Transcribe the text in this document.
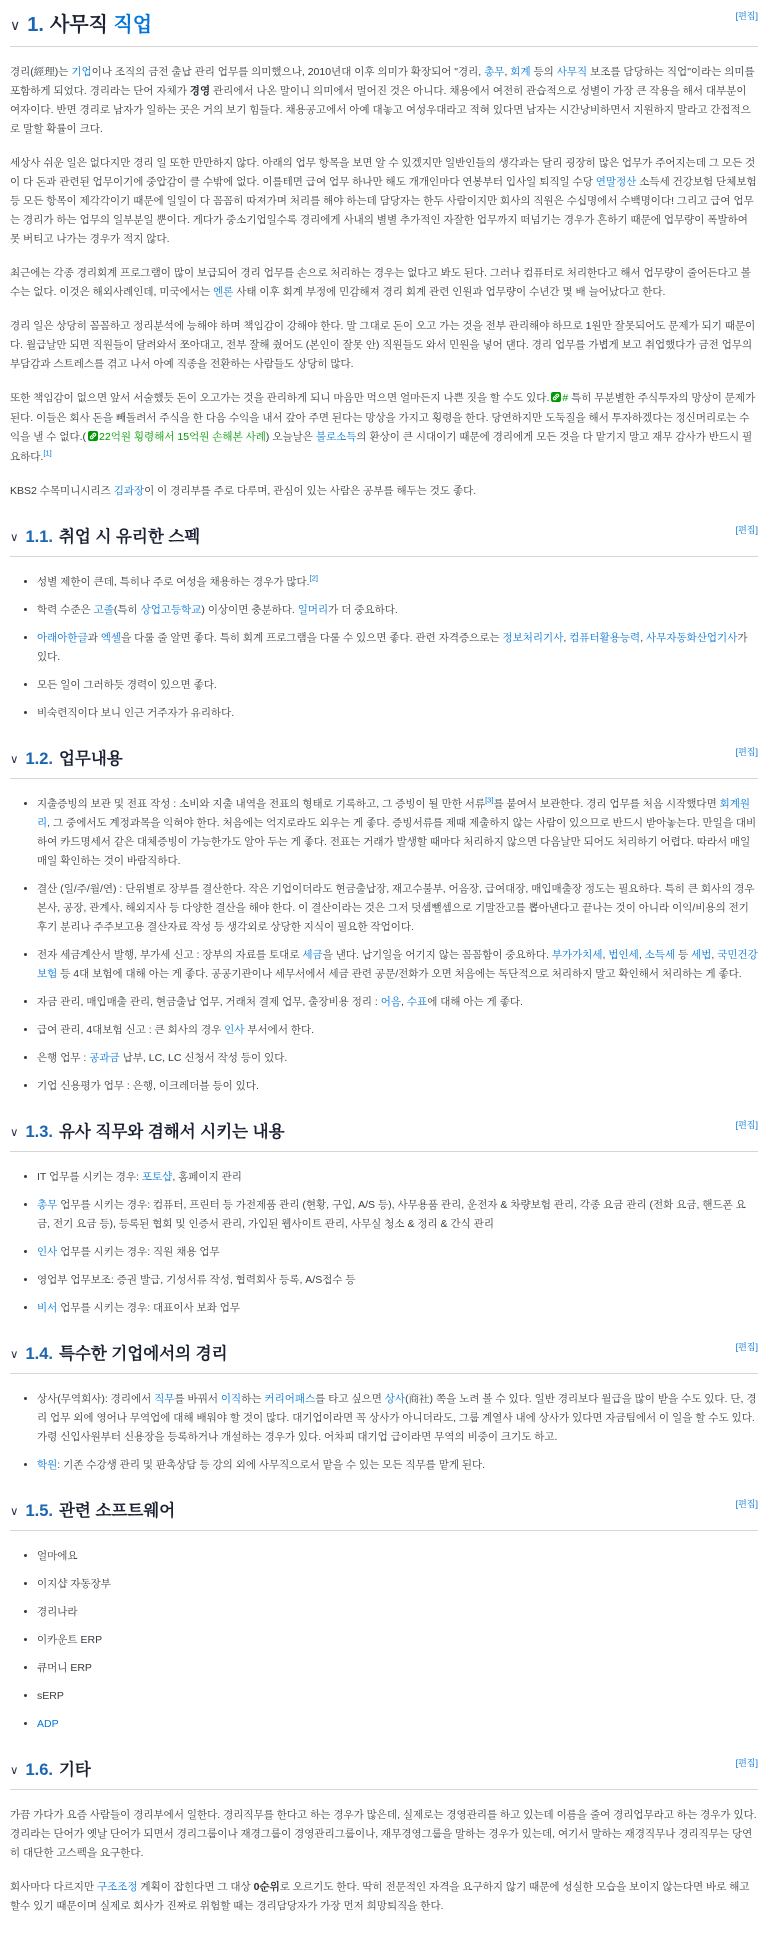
∨ 1. 사무직 직업	[편집]

경리(經理)는 기업이나 조직의 금전 출납 관리 업무를 의미했으나, 2010년대 이후 의미가 확장되어 "경리, 총무, 회계 등의 사무직 보조를 담당하는 직업"이라는 의미를 포함하게 되었다. 경리라는 단어 자체가 경영 관리에서 나온 말이니 의미에서 멀어진 것은 아니다. 채용에서 여전히 관습적으로 성별이 가장 큰 작용을 해서 대부분이 여자이다. 반면 경리로 남자가 일하는 곳은 거의 보기 힘들다. 채용공고에서 아예 대놓고 여성우대라고 적혀 있다면 남자는 시간낭비하면서 지원하지 말라고 간접적으로 말할 확률이 크다.

세상사 쉬운 일은 없다지만 경리 일 또한 만만하지 않다. 아래의 업무 항목을 보면 알 수 있겠지만 일반인들의 생각과는 달리 굉장히 많은 업무가 주어지는데 그 모든 것이 다 돈과 관련된 업무이기에 중압감이 클 수밖에 없다. 이를테면 급여 업무 하나만 해도 개개인마다 연봉부터 입사일 퇴직일 수당 연말정산 소득세 건강보험 단체보험 등 모든 항목이 제각각이기 때문에 일일이 다 꼼꼼히 따져가며 처리를 해야 하는데 담당자는 한두 사람이지만 회사의 직원은 수십명에서 수백명이다! 그리고 급여 업무는 경리가 하는 업무의 일부분일 뿐이다. 게다가 중소기업일수록 경리에게 사내의 별별 추가적인 자잘한 업무까지 떠넘기는 경우가 흔하기 때문에 업무량이 폭발하여 못 버티고 나가는 경우가 적지 않다.

최근에는 각종 경리회계 프로그램이 많이 보급되어 경리 업무를 손으로 처리하는 경우는 없다고 봐도 된다. 그러나 컴퓨터로 처리한다고 해서 업무량이 줄어든다고 볼 수는 없다. 이것은 해외사례인데, 미국에서는 엔론 사태 이후 회계 부정에 민감해져 경리 회계 관련 인원과 업무량이 수년간 몇 배 늘어났다고 한다.

경리 일은 상당히 꼼꼼하고 정리분석에 능해야 하며 책임감이 강해야 한다. 말 그대로 돈이 오고 가는 것을 전부 관리해야 하므로 1원만 잘못되어도 문제가 되기 때문이다. 월급날만 되면 직원들이 달려와서 쪼아대고, 전부 잘해 줬어도 (본인이 잘못 안) 직원들도 와서 민원을 넣어 댄다. 경리 업무를 가볍게 보고 취업했다가 금전 업무의 부담감과 스트레스를 겪고 나서 아예 직종을 전환하는 사람들도 상당히 많다.

또한 책임감이 없으면 앞서 서술했듯 돈이 오고가는 것을 관리하게 되니 마음만 먹으면 얼마든지 나쁜 짓을 할 수도 있다. # 특히 무분별한 주식투자의 망상이 문제가 된다. 이들은 회사 돈을 빼돌려서 주식을 한 다음 수익을 내서 갚아 주면 된다는 망상을 가지고 횡령을 한다. 당연하지만 도둑질을 해서 투자하겠다는 정신머리로는 수익을 낼 수 없다.( 22억원 횡령해서 15억원 손해본 사례) 오늘날은 불로소득의 환상이 큰 시대이기 때문에 경리에게 모든 것을 다 맡기지 말고 재무 감사가 반드시 필요하다.[1]

KBS2 수목미니시리즈 김과장이 이 경리부를 주로 다루며, 관심이 있는 사람은 공부를 해두는 것도 좋다.

∨ 1.1. 취업 시 유리한 스펙	[편집]
• 성별 제한이 큰데, 특히나 주로 여성을 채용하는 경우가 많다.[2]
• 학력 수준은 고졸(특히 상업고등학교) 이상이면 충분하다. 일머리가 더 중요하다.
• 아래아한글과 엑셀을 다룰 줄 알면 좋다. 특히 회계 프로그램을 다룰 수 있으면 좋다. 관련 자격증으로는 정보처리기사, 컴퓨터활용능력, 사무자동화산업기사가 있다.
• 모든 일이 그러하듯 경력이 있으면 좋다.
• 비숙련직이다 보니 인근 거주자가 유리하다.
∨ 1.2. 업무내용	[편집]
• 지출증빙의 보관 및 전표 작성 : 소비와 지출 내역을 전표의 형태로 기록하고, 그 증빙이 될 만한 서류[3]를 붙여서 보관한다. 경리 업무를 처음 시작했다면 회계원리, 그 중에서도 계정과목을 익혀야 한다. 처음에는 억지로라도 외우는 게 좋다. 증빙서류를 제때 제출하지 않는 사람이 있으므로 반드시 받아놓는다. 만일을 대비하여 카드명세서 같은 대체증빙이 가능한가도 알아 두는 게 좋다. 전표는 거래가 발생할 때마다 처리하지 않으면 다음날만 되어도 처리하기 어렵다. 따라서 매일매일 확인하는 것이 바람직하다.
• 결산 (일/주/월/연) : 단위별로 장부를 결산한다. 작은 기업이더라도 현금출납장, 재고수불부, 어음장, 급여대장, 매입매출장 정도는 필요하다. 특히 큰 회사의 경우 본사, 공장, 관계사, 해외지사 등 다양한 결산을 해야 한다. 이 결산이라는 것은 그저 덧셈뺄셈으로 기말잔고를 뽑아낸다고 끝나는 것이 아니라 이익/비용의 전기 후기 분리나 주주보고용 결산자료 작성 등 생각외로 상당한 지식이 필요한 작업이다.
• 전자 세금계산서 발행, 부가세 신고 : 장부의 자료를 토대로 세금을 낸다. 납기일을 어기지 않는 꼼꼼함이 중요하다. 부가가치세, 법인세, 소득세 등 세법, 국민건강보험 등 4대 보험에 대해 아는 게 좋다. 공공기관이나 세무서에서 세금 관련 공문/전화가 오면 처음에는 독단적으로 처리하지 말고 확인해서 처리하는 게 좋다.
• 자금 관리, 매입매출 관리, 현금출납 업무, 거래처 결제 업무, 출장비용 정리 : 어음, 수표에 대해 아는 게 좋다.
• 급여 관리, 4대보험 신고 : 큰 회사의 경우 인사 부서에서 한다.
• 은행 업무 : 공과금 납부, LC, LC 신청서 작성 등이 있다.
• 기업 신용평가 업무 : 은행, 이크레더블 등이 있다.
∨ 1.3. 유사 직무와 겸해서 시키는 내용	[편집]
• IT 업무를 시키는 경우: 포토샵, 홈페이지 관리
• 총무 업무를 시키는 경우: 컴퓨터, 프린터 등 가전제품 관리 (현황, 구입, A/S 등), 사무용품 관리, 운전자 & 차량보험 관리, 각종 요금 관리 (전화 요금, 핸드폰 요금, 전기 요금 등), 등록된 협회 및 인증서 관리, 가입된 웹사이트 관리, 사무실 청소 & 정리 & 간식 관리
• 인사 업무를 시키는 경우: 직원 채용 업무
• 영업부 업무보조: 증권 발급, 기성서류 작성, 협력회사 등록, A/S접수 등
• 비서 업무를 시키는 경우: 대표이사 보좌 업무
∨ 1.4. 특수한 기업에서의 경리	[편집]
• 상사(무역회사): 경리에서 직무를 바꿔서 이직하는 커리어패스를 타고 싶으면 상사(商社) 쪽을 노려 볼 수 있다. 일반 경리보다 월급을 많이 받을 수도 있다. 단, 경리 업무 외에 영어나 무역업에 대해 배워야 할 것이 많다. 대기업이라면 꼭 상사가 아니더라도, 그룹 계열사 내에 상사가 있다면 자금팀에서 이 일을 할 수도 있다. 가령 신입사원부터 신용장을 등록하거나 개설하는 경우가 있다. 어차피 대기업 급이라면 무역의 비중이 크기도 하고.
• 학원: 기존 수강생 관리 및 판촉상담 등 강의 외에 사무직으로서 맡을 수 있는 모든 직무를 맡게 된다.
∨ 1.5. 관련 소프트웨어	[편집]
• 얼마에요
• 이지샵 자동장부
• 경리나라
• 이카운트 ERP
• 큐머니 ERP
• sERP
• ADP
∨ 1.6. 기타	[편집]

가끔 가다가 요즘 사람들이 경리부에서 일한다. 경리직무를 한다고 하는 경우가 많은데, 실제로는 경영관리를 하고 있는데 이름을 줄여 경리업무라고 하는 경우가 있다. 경리라는 단어가 옛날 단어가 되면서 경리그룹이나 재경그룹이 경영관리그룹이나, 재무경영그룹을 말하는 경우가 있는데, 여기서 말하는 재경직무나 경리직무는 당연히 대단한 고스펙을 요구한다.

회사마다 다르지만 구조조정 계획이 잡힌다면 그 대상 0순위로 오르기도 한다. 딱히 전문적인 자격을 요구하지 않기 때문에 성실한 모습을 보이지 않는다면 바로 해고할수 있기 때문이며 실제로 회사가 진짜로 위험할 때는 경리담당자가 가장 먼저 희망퇴직을 한다.
